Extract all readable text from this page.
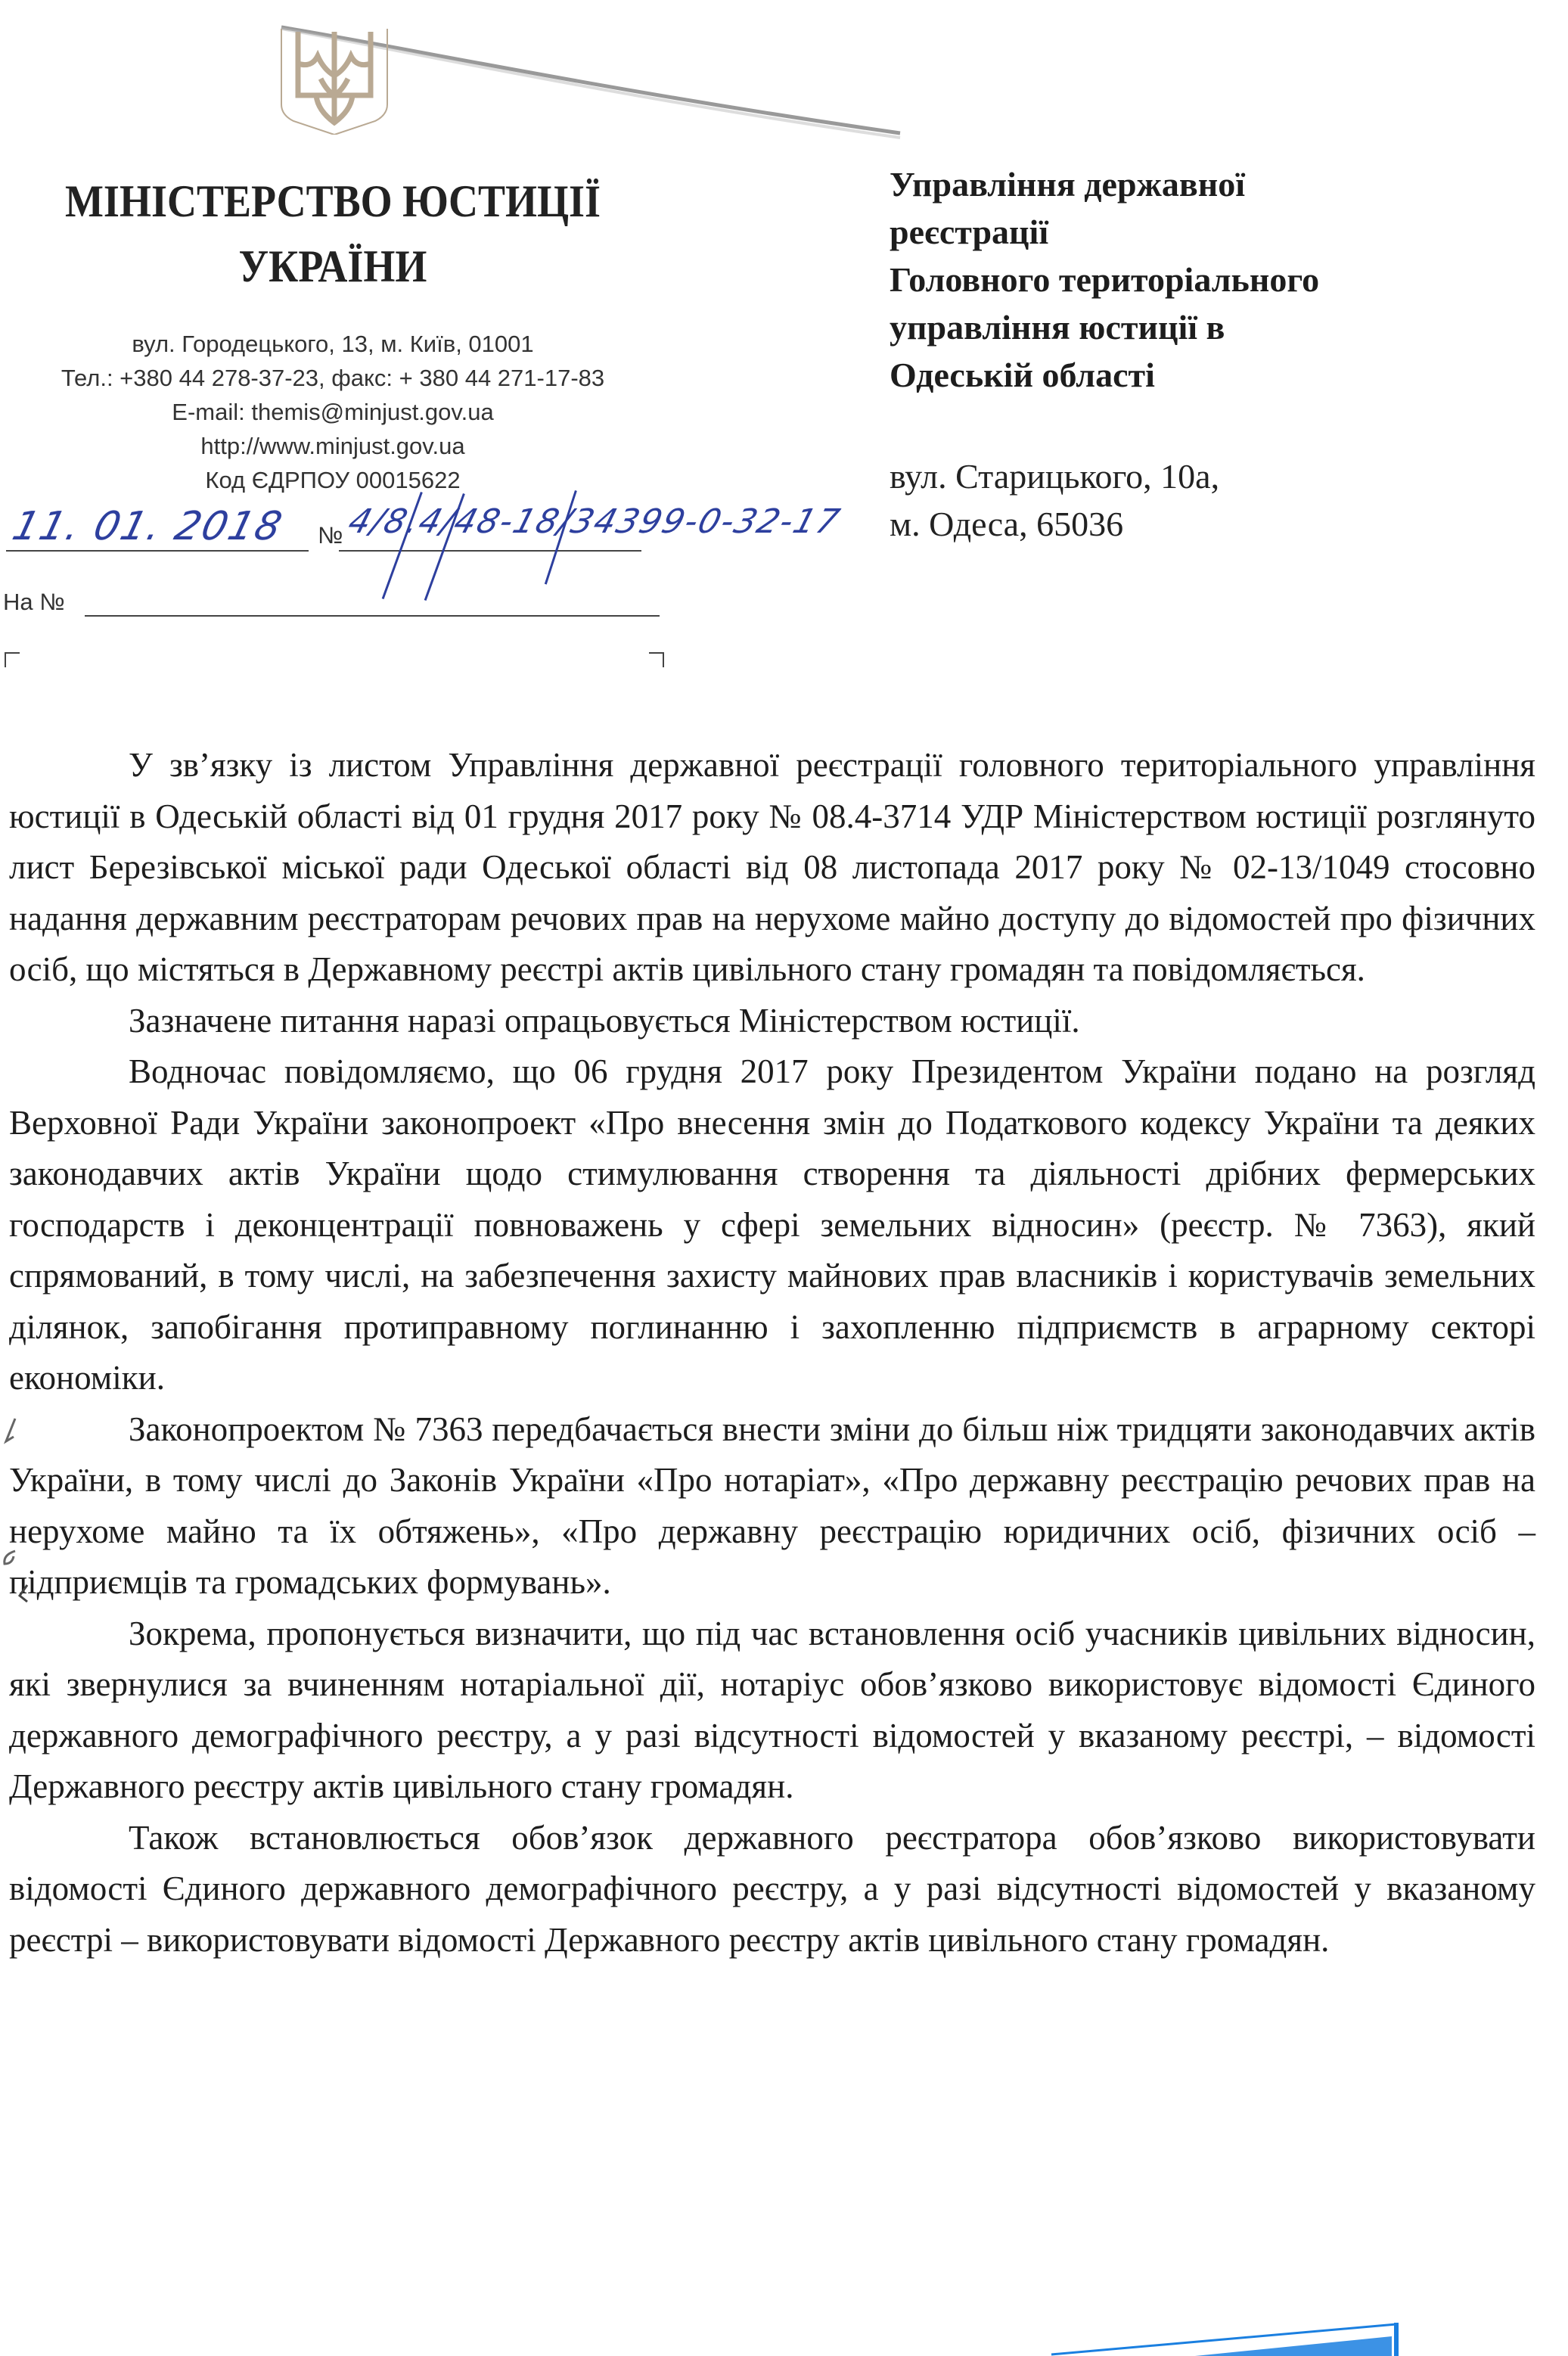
МІНІСТЕРСТВО ЮСТИЦІЇ
УКРАЇНИ
вул. Городецького, 13, м. Київ, 01001
Тел.: +380 44 278-37-23, факс: + 380 44 271-17-83
E-mail: themis@minjust.gov.ua
http://www.minjust.gov.ua
Код ЄДРПОУ 00015622
11. 01. 2018 № 4/8.4/48-18/34399-0-32-17
На №
Управління державної
реєстрації
Головного територіального
управління юстиції в
Одеській області
вул. Старицького, 10а,
м. Одеса, 65036

У зв’язку із листом Управління державної реєстрації головного територіального управління юстиції в Одеській області від 01 грудня 2017 року № 08.4-3714 УДР Міністерством юстиції розглянуто лист Березівської міської ради Одеської області від 08 листопада 2017 року № 02-13/1049 стосовно надання державним реєстраторам речових прав на нерухоме майно доступу до відомостей про фізичних осіб, що містяться в Державному реєстрі актів цивільного стану громадян та повідомляється.

Зазначене питання наразі опрацьовується Міністерством юстиції.

Водночас повідомляємо, що 06 грудня 2017 року Президентом України подано на розгляд Верховної Ради України законопроект «Про внесення змін до Податкового кодексу України та деяких законодавчих актів України щодо стимулювання створення та діяльності дрібних фермерських господарств і деконцентрації повноважень у сфері земельних відносин» (реєстр. № 7363), який спрямований, в тому числі, на забезпечення захисту майнових прав власників і користувачів земельних ділянок, запобігання протиправному поглинанню і захопленню підприємств в аграрному секторі економіки.

Законопроектом № 7363 передбачається внести зміни до більш ніж тридцяти законодавчих актів України, в тому числі до Законів України «Про нотаріат», «Про державну реєстрацію речових прав на нерухоме майно та їх обтяжень», «Про державну реєстрацію юридичних осіб, фізичних осіб – підприємців та громадських формувань».

Зокрема, пропонується визначити, що під час встановлення осіб учасників цивільних відносин, які звернулися за вчиненням нотаріальної дії, нотаріус обов’язково використовує відомості Єдиного державного демографічного реєстру, а у разі відсутності відомостей у вказаному реєстрі, – відомості Державного реєстру актів цивільного стану громадян.

Також встановлюється обов’язок державного реєстратора обов’язково використовувати відомості Єдиного державного демографічного реєстру, а у разі відсутності відомостей у вказаному реєстрі – використовувати відомості Державного реєстру актів цивільного стану громадян.
